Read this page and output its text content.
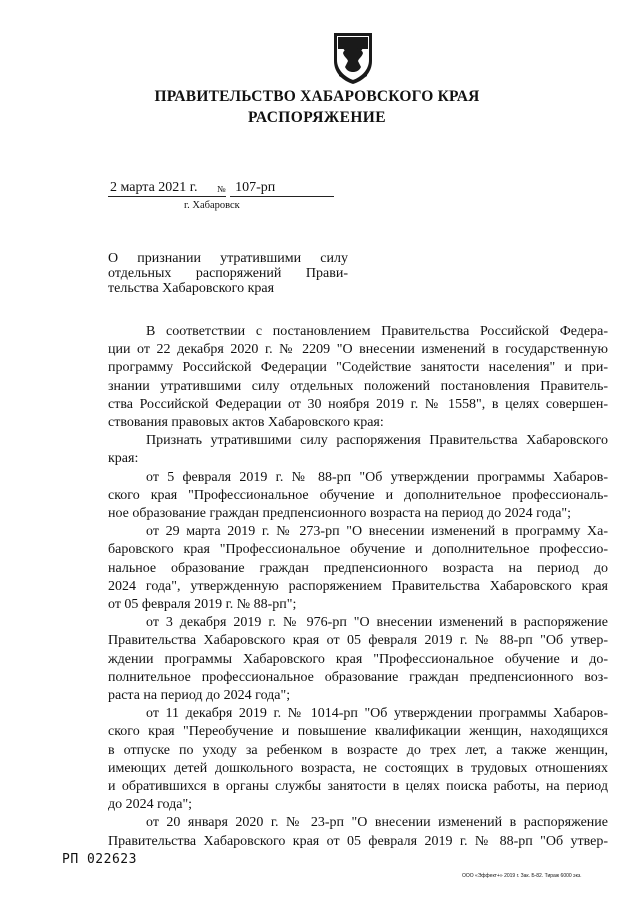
ПРАВИТЕЛЬСТВО ХАБАРОВСКОГО КРАЯ
РАСПОРЯЖЕНИЕ
2 марта 2021 г. № 107-рп
г. Хабаровск
О признании утратившими силу
отдельных распоряжений Прави-
тельства Хабаровского края
В соответствии с постановлением Правительства Российской Федера-
ции от 22 декабря 2020 г. № 2209 "О внесении изменений в государственную
программу Российской Федерации "Содействие занятости населения" и при-
знании утратившими силу отдельных положений постановления Правитель-
ства Российской Федерации от 30 ноября 2019 г. № 1558", в целях совершен-
ствования правовых актов Хабаровского края:
Признать утратившими силу распоряжения Правительства Хабаровского
края:
от 5 февраля 2019 г. № 88-рп "Об утверждении программы Хабаров-
ского края "Профессиональное обучение и дополнительное профессиональ-
ное образование граждан предпенсионного возраста на период до 2024 года";
от 29 марта 2019 г. № 273-рп "О внесении изменений в программу Ха-
баровского края "Профессиональное обучение и дополнительное профессио-
нальное образование граждан предпенсионного возраста на период до
2024 года", утвержденную распоряжением Правительства Хабаровского края
от 05 февраля 2019 г. № 88-рп";
от 3 декабря 2019 г. № 976-рп "О внесении изменений в распоряжение
Правительства Хабаровского края от 05 февраля 2019 г. № 88-рп "Об утвер-
ждении программы Хабаровского края "Профессиональное обучение и до-
полнительное профессиональное образование граждан предпенсионного воз-
раста на период до 2024 года";
от 11 декабря 2019 г. № 1014-рп "Об утверждении программы Хабаров-
ского края "Переобучение и повышение квалификации женщин, находящихся
в отпуске по уходу за ребенком в возрасте до трех лет, а также женщин,
имеющих детей дошкольного возраста, не состоящих в трудовых отношениях
и обратившихся в органы службы занятости в целях поиска работы, на период
до 2024 года";
от 20 января 2020 г. № 23-рп "О внесении изменений в распоряжение
Правительства Хабаровского края от 05 февраля 2019 г. № 88-рп "Об утвер-
РП 022623
ООО «Эффект+» 2019 г. Зак. Б-82. Тираж 6000 экз.
